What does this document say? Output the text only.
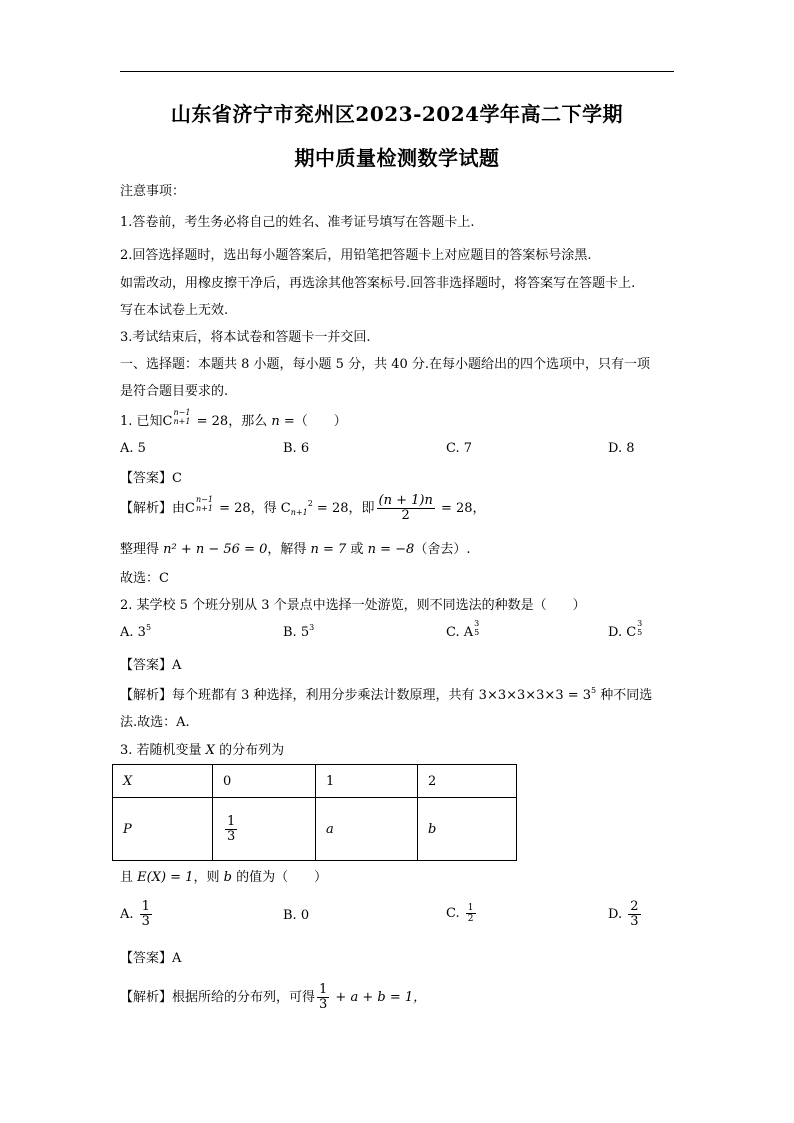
山东省济宁市兖州区2023-2024学年高二下学期
期中质量检测数学试题
注意事项：
1.答卷前，考生务必将自己的姓名、准考证号填写在答题卡上.
2.回答选择题时，选出每小题答案后，用铅笔把答题卡上对应题目的答案标号涂黑.
如需改动，用橡皮擦干净后，再选涂其他答案标号.回答非选择题时，将答案写在答题卡上.
写在本试卷上无效.
3.考试结束后，将本试卷和答题卡一并交回.
一、选择题：本题共 8 小题，每小题 5 分，共 40 分.在每小题给出的四个选项中，只有一项
是符合题目要求的.
1. 已知C
n−1
n+1 = 28，那么 n =（　　）
A. 5	B. 6	C. 7	D. 8
【答案】C
【解析】由C
n−1
n+1 = 28，得 $C_{n+1}^2 = 28$，即 $\frac{(n + 1)n}{2} = 28$，
整理得 n² + n − 56 = 0，解得 n = 7 或 n = −8（舍去）.
故选：C
2. 某学校 5 个班分别从 3 个景点中选择一处游览，则不同选法的种数是（　　）
A. $3^5$	B. $5^3$	C. A
3
5	D. C
3
5
【答案】A
【解析】每个班都有 3 种选择，利用分步乘法计数原理，共有 $3\times 3\times 3\times 3\times 3 = 3^5$ 种不同选
法.故选：A.
3. 若随机变量 X 的分布列为
X	0	1	2
P	$\frac{1}{3}$	a	b
且 E(X) = 1，则 b 的值为（　　）
A. $\frac{1}{3}$	B. 0	C. $\frac{1}{2}$	D. $\frac{2}{3}$
【答案】A
【解析】根据所给的分布列，可得 $\frac{1}{3} + a + b = 1$，
